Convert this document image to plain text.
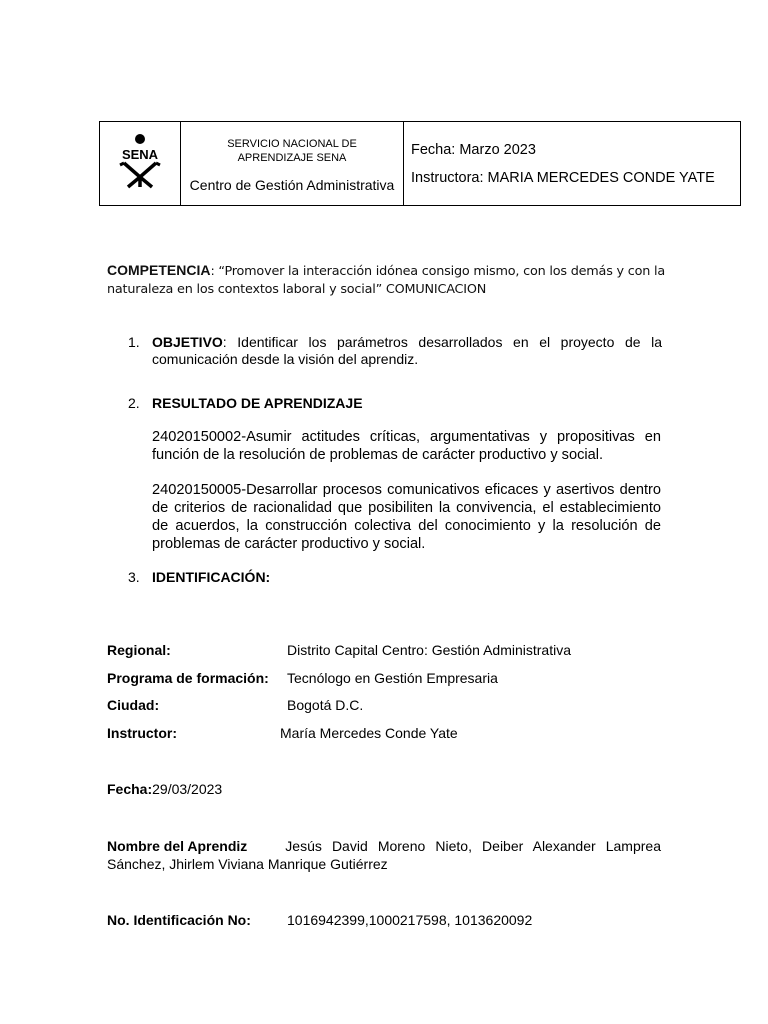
SENA

SERVICIO NACIONAL DE
APRENDIZAJE SENA
Centro de Gestión Administrativa

Fecha: Marzo 2023
Instructora: MARIA MERCEDES CONDE YATE
COMPETENCIA: “Promover la interacción idónea consigo mismo, con los demás y con la naturaleza en los contextos laboral y social” COMUNICACION
1. OBJETIVO: Identificar los parámetros desarrollados en el proyecto de la comunicación desde la visión del aprendiz.
2. RESULTADO DE APRENDIZAJE
24020150002-Asumir actitudes críticas, argumentativas y propositivas en función de la resolución de problemas de carácter productivo y social.
24020150005-Desarrollar procesos comunicativos eficaces y asertivos dentro de criterios de racionalidad que posibiliten la convivencia, el establecimiento de acuerdos, la construcción colectiva del conocimiento y la resolución de problemas de carácter productivo y social.
3. IDENTIFICACIÓN:
Regional:	Distrito Capital Centro: Gestión Administrativa
Programa de formación: Tecnólogo en Gestión Empresaria
Ciudad:	Bogotá D.C.
Instructor:	María Mercedes Conde Yate
Fecha:29/03/2023
Nombre del Aprendiz	Jesús David Moreno Nieto, Deiber Alexander Lamprea
Sánchez, Jhirlem Viviana Manrique Gutiérrez
No. Identificación No:	1016942399,1000217598, 1013620092
